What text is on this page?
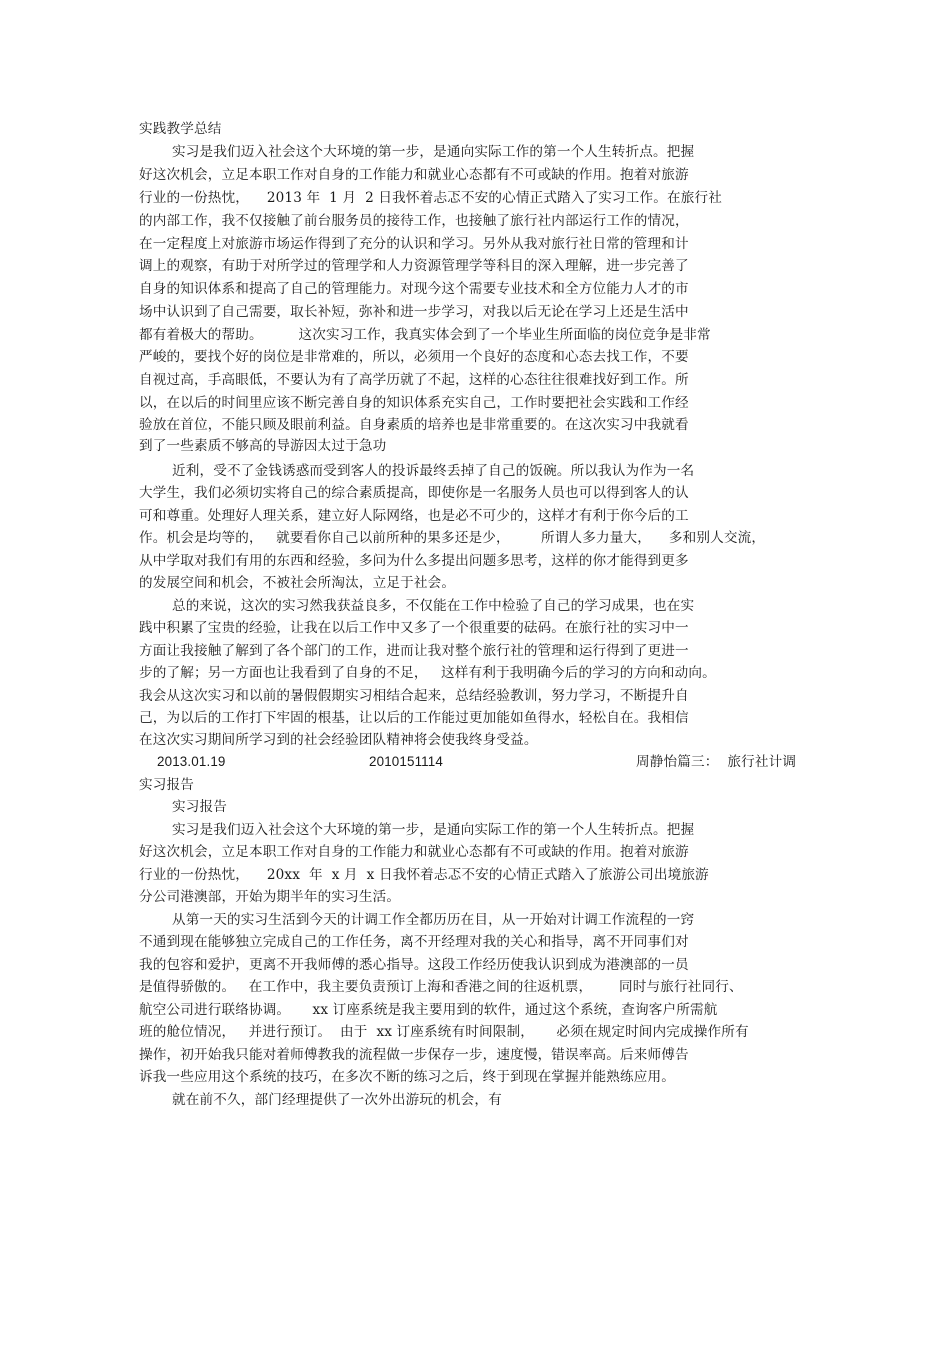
实践教学总结
实习是我们迈入社会这个大环境的第一步，是通向实际工作的第一个人生转折点。把握
好这次机会，立足本职工作对自身的工作能力和就业心态都有不可或缺的作用。抱着对旅游
行业的一份热忱，    2013 年  1 月  2 日我怀着忐忑不安的心情正式踏入了实习工作。在旅行社
的内部工作，我不仅接触了前台服务员的接待工作，也接触了旅行社内部运行工作的情况，
在一定程度上对旅游市场运作得到了充分的认识和学习。另外从我对旅行社日常的管理和计
调上的观察，有助于对所学过的管理学和人力资源管理学等科目的深入理解，进一步完善了
自身的知识体系和提高了自己的管理能力。对现今这个需要专业技术和全方位能力人才的市
场中认识到了自己需要，取长补短，弥补和进一步学习，对我以后无论在学习上还是生活中
都有着极大的帮助。        这次实习工作，我真实体会到了一个毕业生所面临的岗位竞争是非常
严峻的，要找个好的岗位是非常难的，所以，必须用一个良好的态度和心态去找工作，不要
自视过高，手高眼低，不要认为有了高学历就了不起，这样的心态往往很难找好到工作。所
以，在以后的时间里应该不断完善自身的知识体系充实自己，工作时要把社会实践和工作经
验放在首位，不能只顾及眼前利益。自身素质的培养也是非常重要的。在这次实习中我就看
到了一些素质不够高的导游因太过于急功
近利，受不了金钱诱惑而受到客人的投诉最终丢掉了自己的饭碗。所以我认为作为一名
大学生，我们必须切实将自己的综合素质提高，即使你是一名服务人员也可以得到客人的认
可和尊重。处理好人理关系，建立好人际网络，也是必不可少的，这样才有利于你今后的工
作。机会是均等的，   就要看你自己以前所种的果多还是少，       所谓人多力量大，    多和别人交流，
从中学取对我们有用的东西和经验，多问为什么多提出问题多思考，这样的你才能得到更多
的发展空间和机会，不被社会所淘汰，立足于社会。
总的来说，这次的实习然我获益良多，不仅能在工作中检验了自己的学习成果，也在实
践中积累了宝贵的经验，让我在以后工作中又多了一个很重要的砝码。在旅行社的实习中一
方面让我接触了解到了各个部门的工作，进而让我对整个旅行社的管理和运行得到了更进一
步的了解；另一方面也让我看到了自身的不足，   这样有利于我明确今后的学习的方向和动向。
我会从这次实习和以前的暑假假期实习相结合起来，总结经验教训，努力学习，不断提升自
己，为以后的工作打下牢固的根基，让以后的工作能过更加能如鱼得水，轻松自在。我相信
在这次实习期间所学习到的社会经验团队精神将会使我终身受益。
2013.01.19	2010151114	周静怡篇三：  旅行社计调
实习报告
实习报告
实习是我们迈入社会这个大环境的第一步，是通向实际工作的第一个人生转折点。把握
好这次机会，立足本职工作对自身的工作能力和就业心态都有不可或缺的作用。抱着对旅游
行业的一份热忱，    20xx  年  x 月  x 日我怀着忐忑不安的心情正式踏入了旅游公司出境旅游
分公司港澳部，开始为期半年的实习生活。
从第一天的实习生活到今天的计调工作全都历历在目，从一开始对计调工作流程的一窍
不通到现在能够独立完成自己的工作任务，离不开经理对我的关心和指导，离不开同事们对
我的包容和爱护，更离不开我师傅的悉心指导。这段工作经历使我认识到成为港澳部的一员
是值得骄傲的。   在工作中，我主要负责预订上海和香港之间的往返机票，      同时与旅行社同行、
航空公司进行联络协调。     xx 订座系统是我主要用到的软件，通过这个系统，查询客户所需航
班的舱位情况，   并进行预订。  由于  xx 订座系统有时间限制，     必须在规定时间内完成操作所有
操作，初开始我只能对着师傅教我的流程做一步保存一步，速度慢，错误率高。后来师傅告
诉我一些应用这个系统的技巧，在多次不断的练习之后，终于到现在掌握并能熟练应用。
就在前不久，部门经理提供了一次外出游玩的机会，有
